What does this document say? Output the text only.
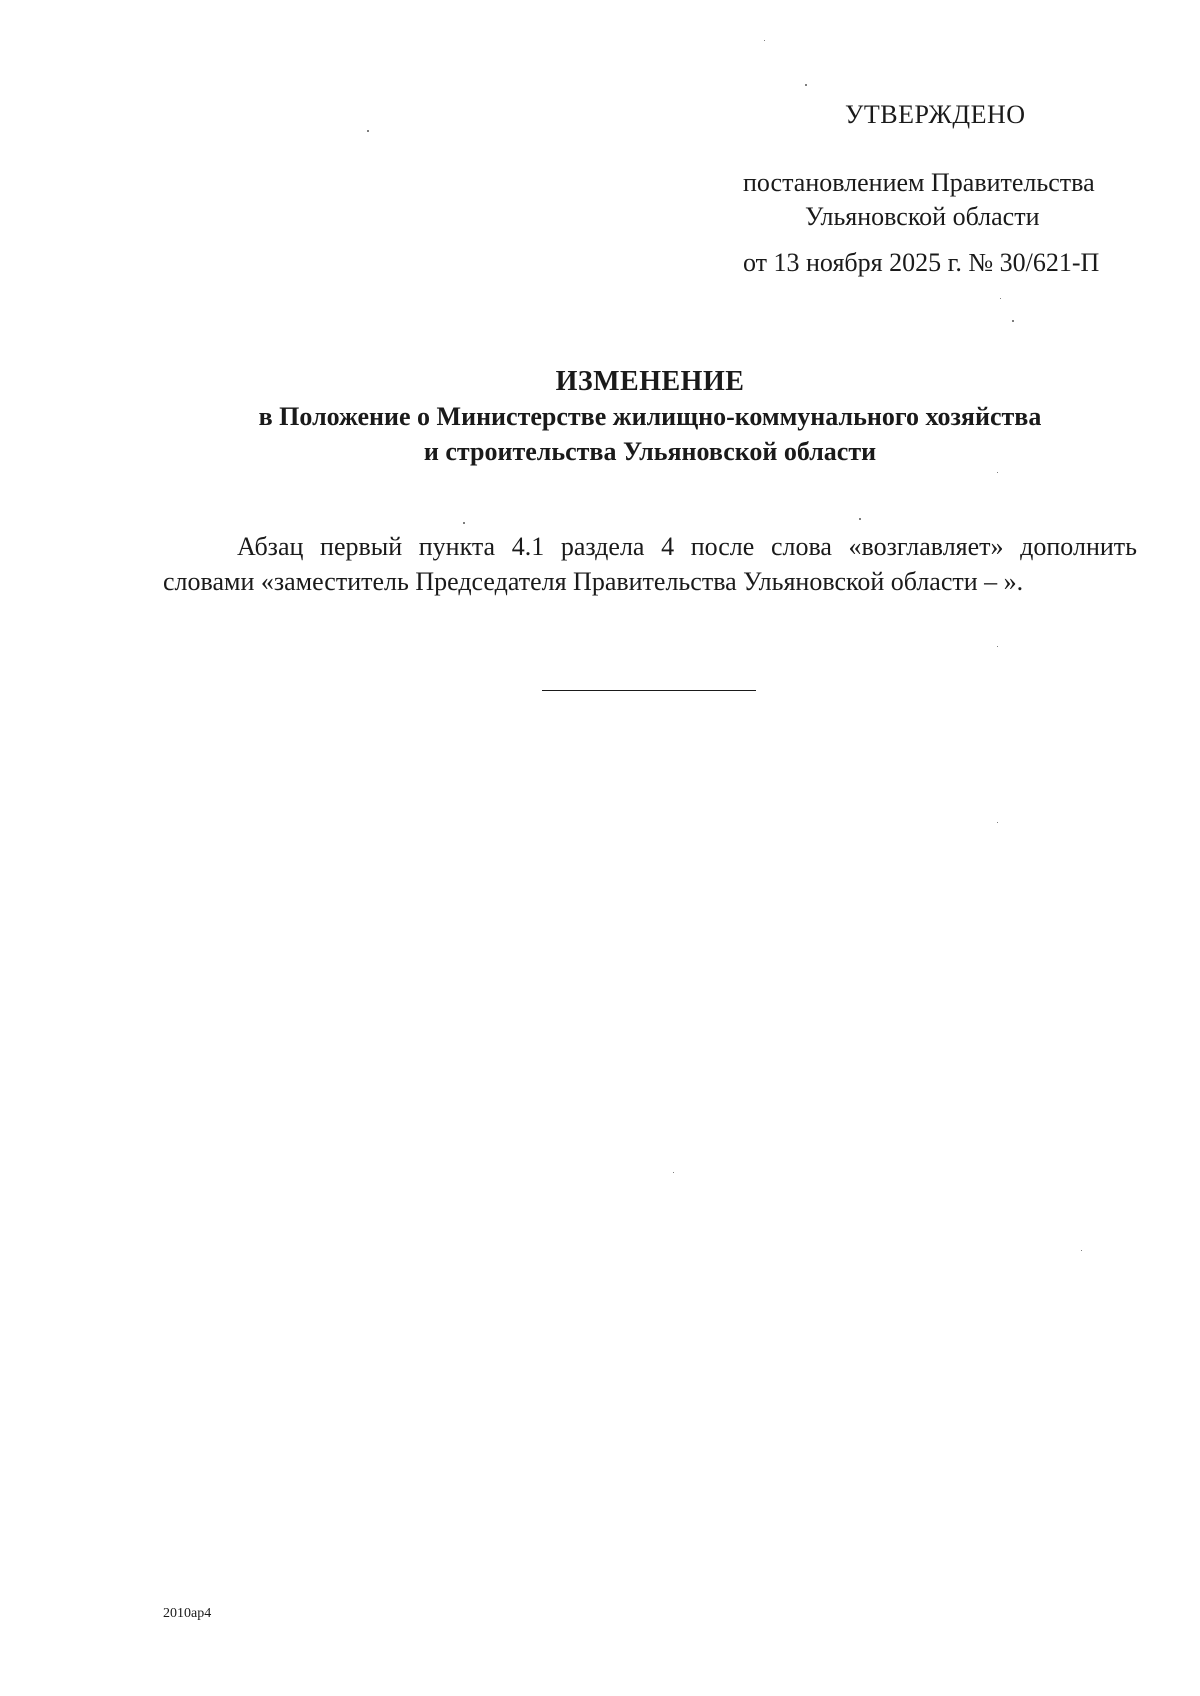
УТВЕРЖДЕНО
постановлением Правительства
Ульяновской области
от 13 ноября 2025 г. № 30/621-П
ИЗМЕНЕНИЕ
в Положение о Министерстве жилищно-коммунального хозяйства
и строительства Ульяновской области
Абзац первый пункта 4.1 раздела 4 после слова «возглавляет» дополнить
словами «заместитель Председателя Правительства Ульяновской области – ».
2010ар4
